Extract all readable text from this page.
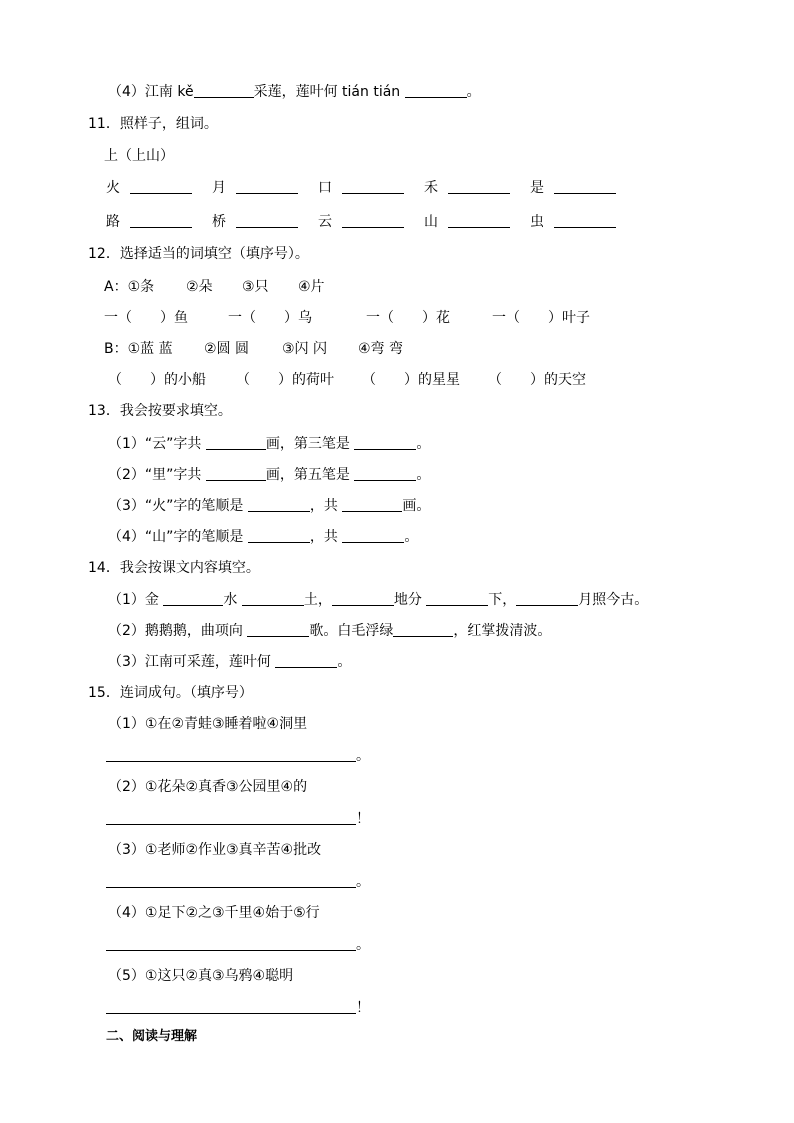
（4）江南 kě	采莲，莲叶何 tián tián	。
11．照样子，组词。
上（上山）
火	月	口	禾	是
路	桥	云	山	虫
12．选择适当的词填空（填序号）。
A：①条 ②朵 ③只 ④片
一（　　）鱼	一（　　）乌	一（　　）花	一（　　）叶子
B：①蓝 蓝 ②圆 圆 ③闪 闪 ④弯 弯
（　　）的小船 （　　）的荷叶 （　　）的星星 （　　）的天空
13．我会按要求填空。
（1）“云”字共	画，第三笔是	。
（2）“里”字共	画，第五笔是	。
（3）“火”字的笔顺是	，共	画。
（4）“山”字的笔顺是	，共	。
14．我会按课文内容填空。
（1）金	水	土，	地分	下，	月照今古。
（2）鹅鹅鹅，曲项向	歌。白毛浮绿	，红掌拨清波。
（3）江南可采莲，莲叶何	。
15．连词成句。（填序号）
（1）①在②青蛙③睡着啦④洞里
。
（2）①花朵②真香③公园里④的
！
（3）①老师②作业③真辛苦④批改
。
（4）①足下②之③千里④始于⑤行
。
（5）①这只②真③乌鸦④聪明
！
二、阅读与理解
